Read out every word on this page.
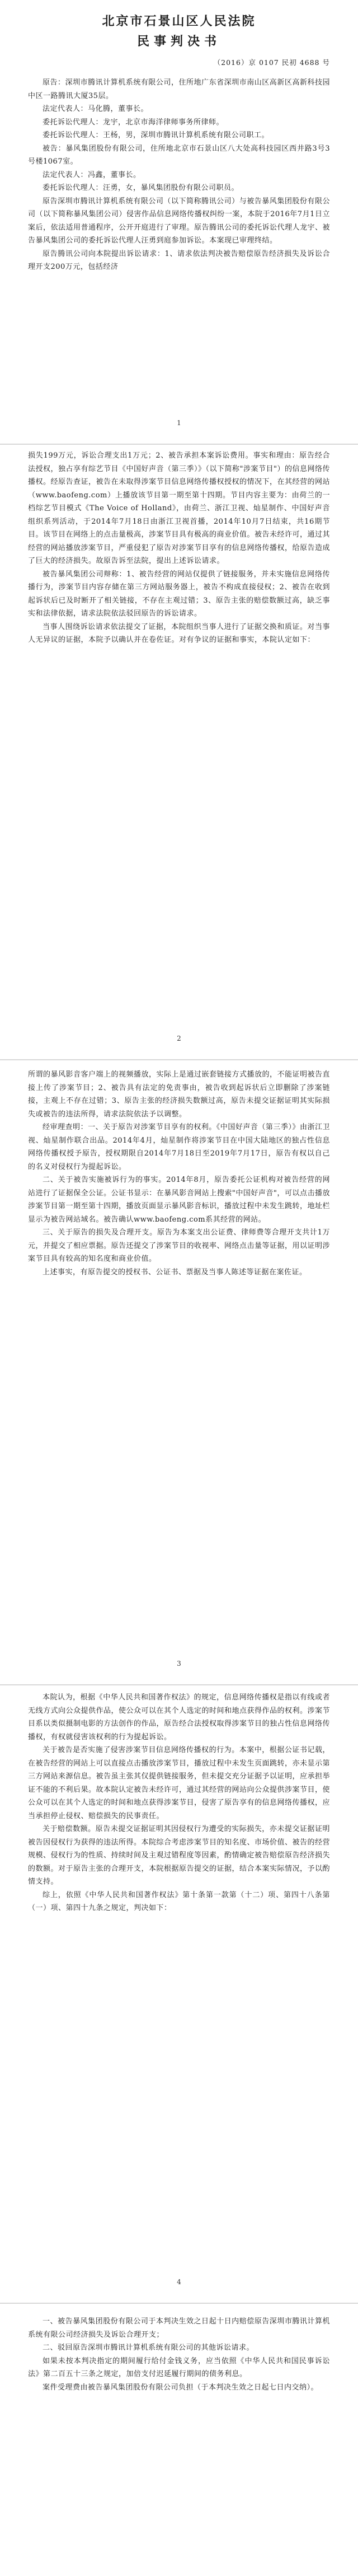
北京市石景山区人民法院
民事判决书
（2016）京 0107 民初 4688 号

原告：深圳市腾讯计算机系统有限公司，住所地广东省深圳市南山区高新区高新科技园中区一路腾讯大厦35层。

法定代表人：马化腾，董事长。

委托诉讼代理人：龙宇，北京市海洋律师事务所律师。

委托诉讼代理人：王杨，男，深圳市腾讯计算机系统有限公司职工。

被告：暴风集团股份有限公司，住所地北京市石景山区八大处高科技园区西井路3号3号楼1067室。

法定代表人：冯鑫，董事长。

委托诉讼代理人：汪勇，女，暴风集团股份有限公司职员。

原告深圳市腾讯计算机系统有限公司（以下简称腾讯公司）与被告暴风集团股份有限公司（以下简称暴风集团公司）侵害作品信息网络传播权纠纷一案，本院于2016年7月1日立案后，依法适用普通程序，公开开庭进行了审理。原告腾讯公司的委托诉讼代理人龙宇、被告暴风集团公司的委托诉讼代理人汪勇到庭参加诉讼。本案现已审理终结。

原告腾讯公司向本院提出诉讼请求：1、请求依法判决被告赔偿原告经济损失及诉讼合理开支200万元，包括经济

1

损失199万元，诉讼合理支出1万元；2、被告承担本案诉讼费用。事实和理由：原告经合法授权，独占享有综艺节目《中国好声音（第三季）》（以下简称"涉案节目"）的信息网络传播权。经原告查证，被告在未取得涉案节目信息网络传播权授权的情况下，在其经营的网站（www.baofeng.com）上播放该节目第一期至第十四期。节目内容主要为：由荷兰的一档综艺节目模式《The Voice of Holland》，由荷兰、浙江卫视、灿星制作、中国好声音组织系列活动，于2014年7月18日由浙江卫视首播，2014年10月7日结束，共16期节目。该节目在网络上的点击量极高，涉案节目具有极高的商业价值。被告未经许可，通过其经营的网站播放涉案节目，严重侵犯了原告对涉案节目享有的信息网络传播权，给原告造成了巨大的经济损失。故原告诉至法院，提出上述诉讼请求。

被告暴风集团公司辩称：1、被告经营的网站仅提供了链接服务，并未实施信息网络传播行为，涉案节目内容存储在第三方网站服务器上，被告不构成直接侵权；2、被告在收到起诉状后已及时断开了相关链接，不存在主观过错；3、原告主张的赔偿数额过高，缺乏事实和法律依据，请求法院依法驳回原告的诉讼请求。

当事人围绕诉讼请求依法提交了证据，本院组织当事人进行了证据交换和质证。对当事人无异议的证据，本院予以确认并在卷佐证。对有争议的证据和事实，本院认定如下：

2

所谓的暴风影音客户端上的视频播放，实际上是通过嵌套链接方式播放的，不能证明被告直接上传了涉案节目；2、被告具有法定的免责事由，被告收到起诉状后立即删除了涉案链接，主观上不存在过错；3、原告主张的经济损失数额过高，原告未提交证据证明其实际损失或被告的违法所得，请求法院依法予以调整。

经审理查明：一、关于原告对涉案节目享有的权利。《中国好声音（第三季）》由浙江卫视、灿星制作联合出品。2014年4月，灿星制作将涉案节目在中国大陆地区的独占性信息网络传播权授予原告，授权期限自2014年7月18日至2019年7月17日，原告有权以自己的名义对侵权行为提起诉讼。

二、关于被告实施被诉行为的事实。2014年8月，原告委托公证机构对被告经营的网站进行了证据保全公证。公证书显示：在暴风影音网站上搜索"中国好声音"，可以点击播放涉案节目第一期至第十四期，播放页面显示暴风影音标识，播放过程中未发生跳转，地址栏显示为被告网站域名。被告确认www.baofeng.com系其经营的网站。

三、关于原告的损失及合理开支。原告为本案支出公证费、律师费等合理开支共计1万元，并提交了相应票据。原告还提交了涉案节目的收视率、网络点击量等证据，用以证明涉案节目具有较高的知名度和商业价值。

上述事实，有原告提交的授权书、公证书、票据及当事人陈述等证据在案佐证。

3

本院认为，根据《中华人民共和国著作权法》的规定，信息网络传播权是指以有线或者无线方式向公众提供作品，使公众可以在其个人选定的时间和地点获得作品的权利。涉案节目系以类似摄制电影的方法创作的作品，原告经合法授权取得涉案节目的独占性信息网络传播权，有权就侵害该权利的行为提起诉讼。

关于被告是否实施了侵害涉案节目信息网络传播权的行为。本案中，根据公证书记载，在被告经营的网站上可以直接点击播放涉案节目，播放过程中未发生页面跳转，亦未显示第三方网站来源信息。被告虽主张其仅提供链接服务，但未提交充分证据予以证明，应承担举证不能的不利后果。故本院认定被告未经许可，通过其经营的网站向公众提供涉案节目，使公众可以在其个人选定的时间和地点获得涉案节目，侵害了原告享有的信息网络传播权，应当承担停止侵权、赔偿损失的民事责任。

关于赔偿数额。原告未提交证据证明其因侵权行为遭受的实际损失，亦未提交证据证明被告因侵权行为获得的违法所得。本院综合考虑涉案节目的知名度、市场价值、被告的经营规模、侵权行为的性质、持续时间及主观过错程度等因素，酌情确定被告赔偿原告经济损失的数额。对于原告主张的合理开支，本院根据原告提交的证据，结合本案实际情况，予以酌情支持。

综上，依照《中华人民共和国著作权法》第十条第一款第（十二）项、第四十八条第（一）项、第四十九条之规定，判决如下：

4

一、被告暴风集团股份有限公司于本判决生效之日起十日内赔偿原告深圳市腾讯计算机系统有限公司经济损失及诉讼合理开支；

二、驳回原告深圳市腾讯计算机系统有限公司的其他诉讼请求。

如果未按本判决指定的期间履行给付金钱义务，应当依照《中华人民共和国民事诉讼法》第二百五十三条之规定，加倍支付迟延履行期间的债务利息。

案件受理费由被告暴风集团股份有限公司负担（于本判决生效之日起七日内交纳）。
